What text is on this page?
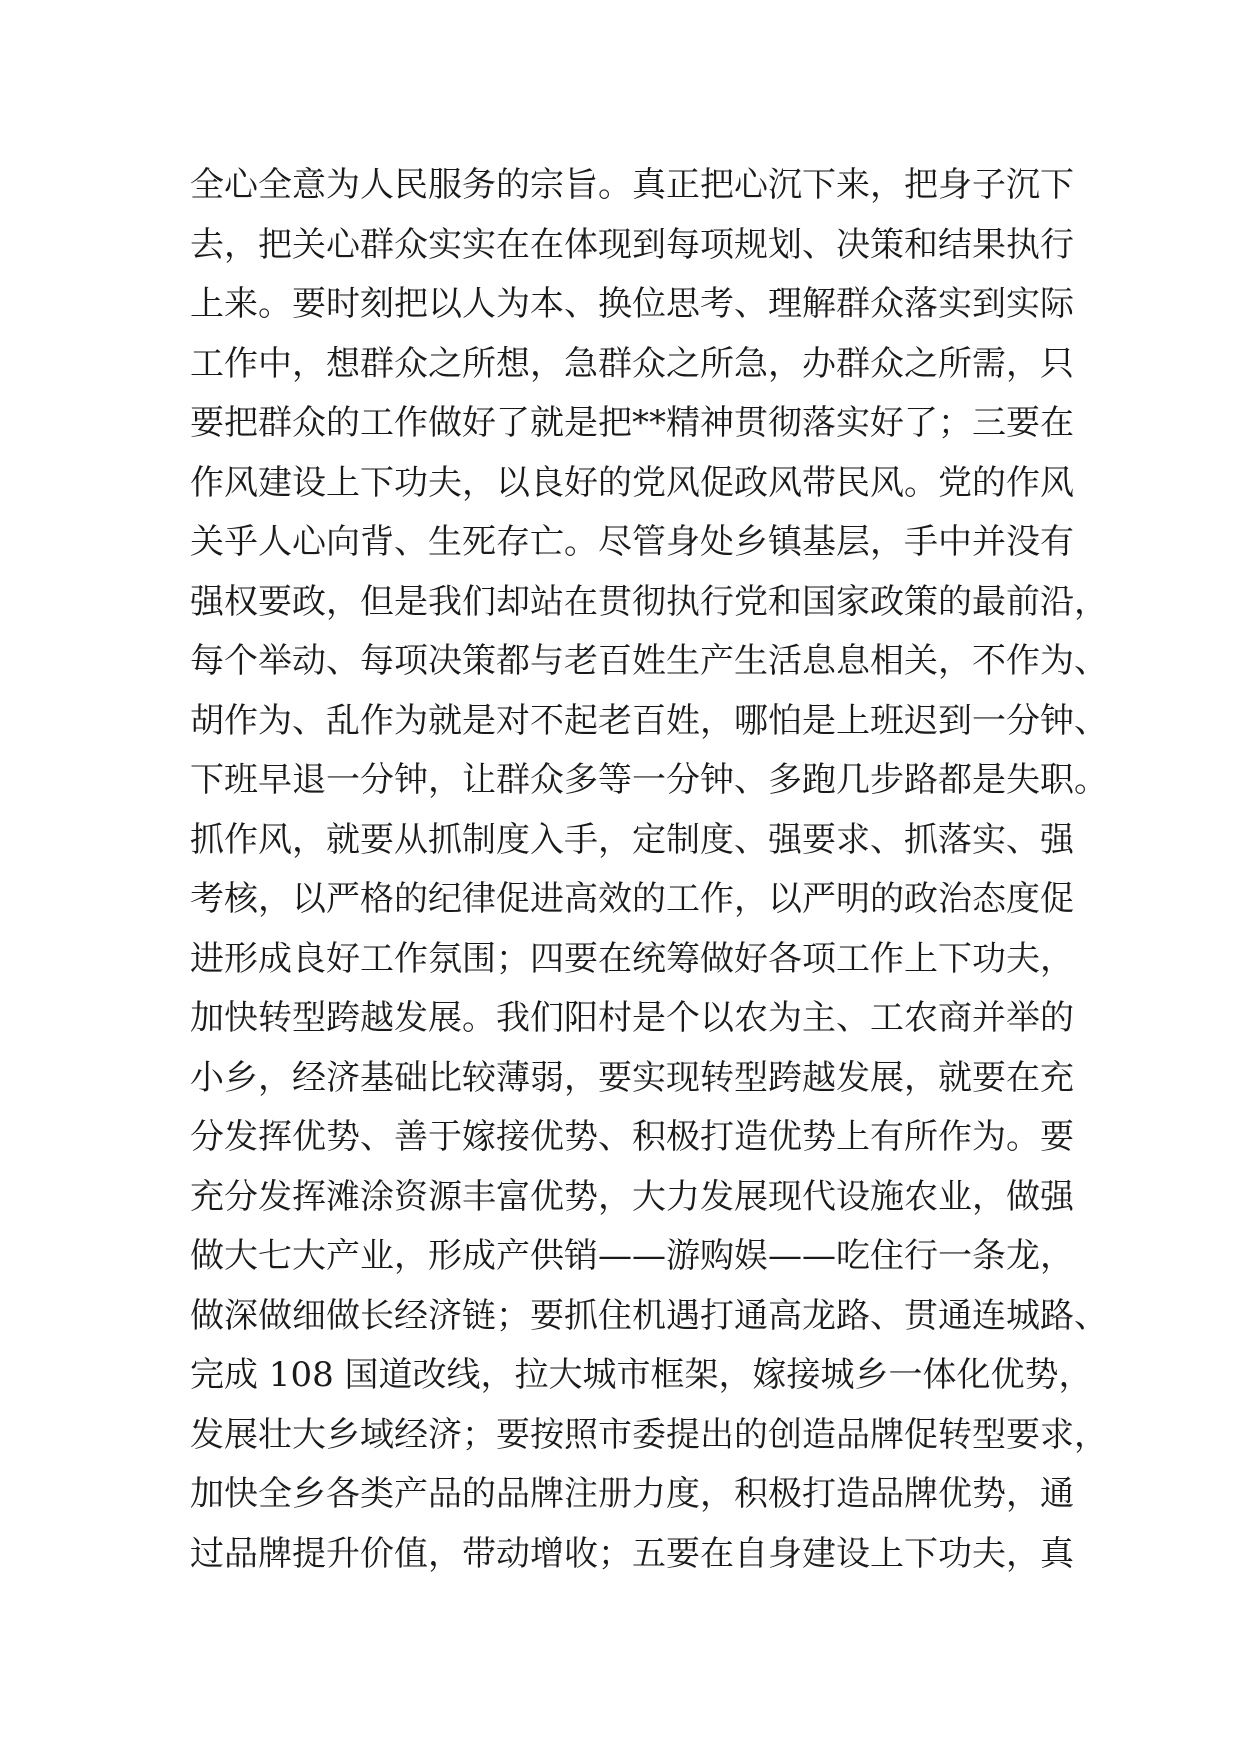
全心全意为人民服务的宗旨。真正把心沉下来，把身子沉下
去，把关心群众实实在在体现到每项规划、决策和结果执行
上来。要时刻把以人为本、换位思考、理解群众落实到实际
工作中，想群众之所想，急群众之所急，办群众之所需，只
要把群众的工作做好了就是把**精神贯彻落实好了；三要在
作风建设上下功夫，以良好的党风促政风带民风。党的作风
关乎人心向背、生死存亡。尽管身处乡镇基层，手中并没有
强权要政，但是我们却站在贯彻执行党和国家政策的最前沿，
每个举动、每项决策都与老百姓生产生活息息相关，不作为、
胡作为、乱作为就是对不起老百姓，哪怕是上班迟到一分钟、
下班早退一分钟，让群众多等一分钟、多跑几步路都是失职。
抓作风，就要从抓制度入手，定制度、强要求、抓落实、强
考核，以严格的纪律促进高效的工作，以严明的政治态度促
进形成良好工作氛围；四要在统筹做好各项工作上下功夫，
加快转型跨越发展。我们阳村是个以农为主、工农商并举的
小乡，经济基础比较薄弱，要实现转型跨越发展，就要在充
分发挥优势、善于嫁接优势、积极打造优势上有所作为。要
充分发挥滩涂资源丰富优势，大力发展现代设施农业，做强
做大七大产业，形成产供销——游购娱——吃住行一条龙，
做深做细做长经济链；要抓住机遇打通高龙路、贯通连城路、
完成 108 国道改线，拉大城市框架，嫁接城乡一体化优势，
发展壮大乡域经济；要按照市委提出的创造品牌促转型要求，
加快全乡各类产品的品牌注册力度，积极打造品牌优势，通
过品牌提升价值，带动增收；五要在自身建设上下功夫，真
